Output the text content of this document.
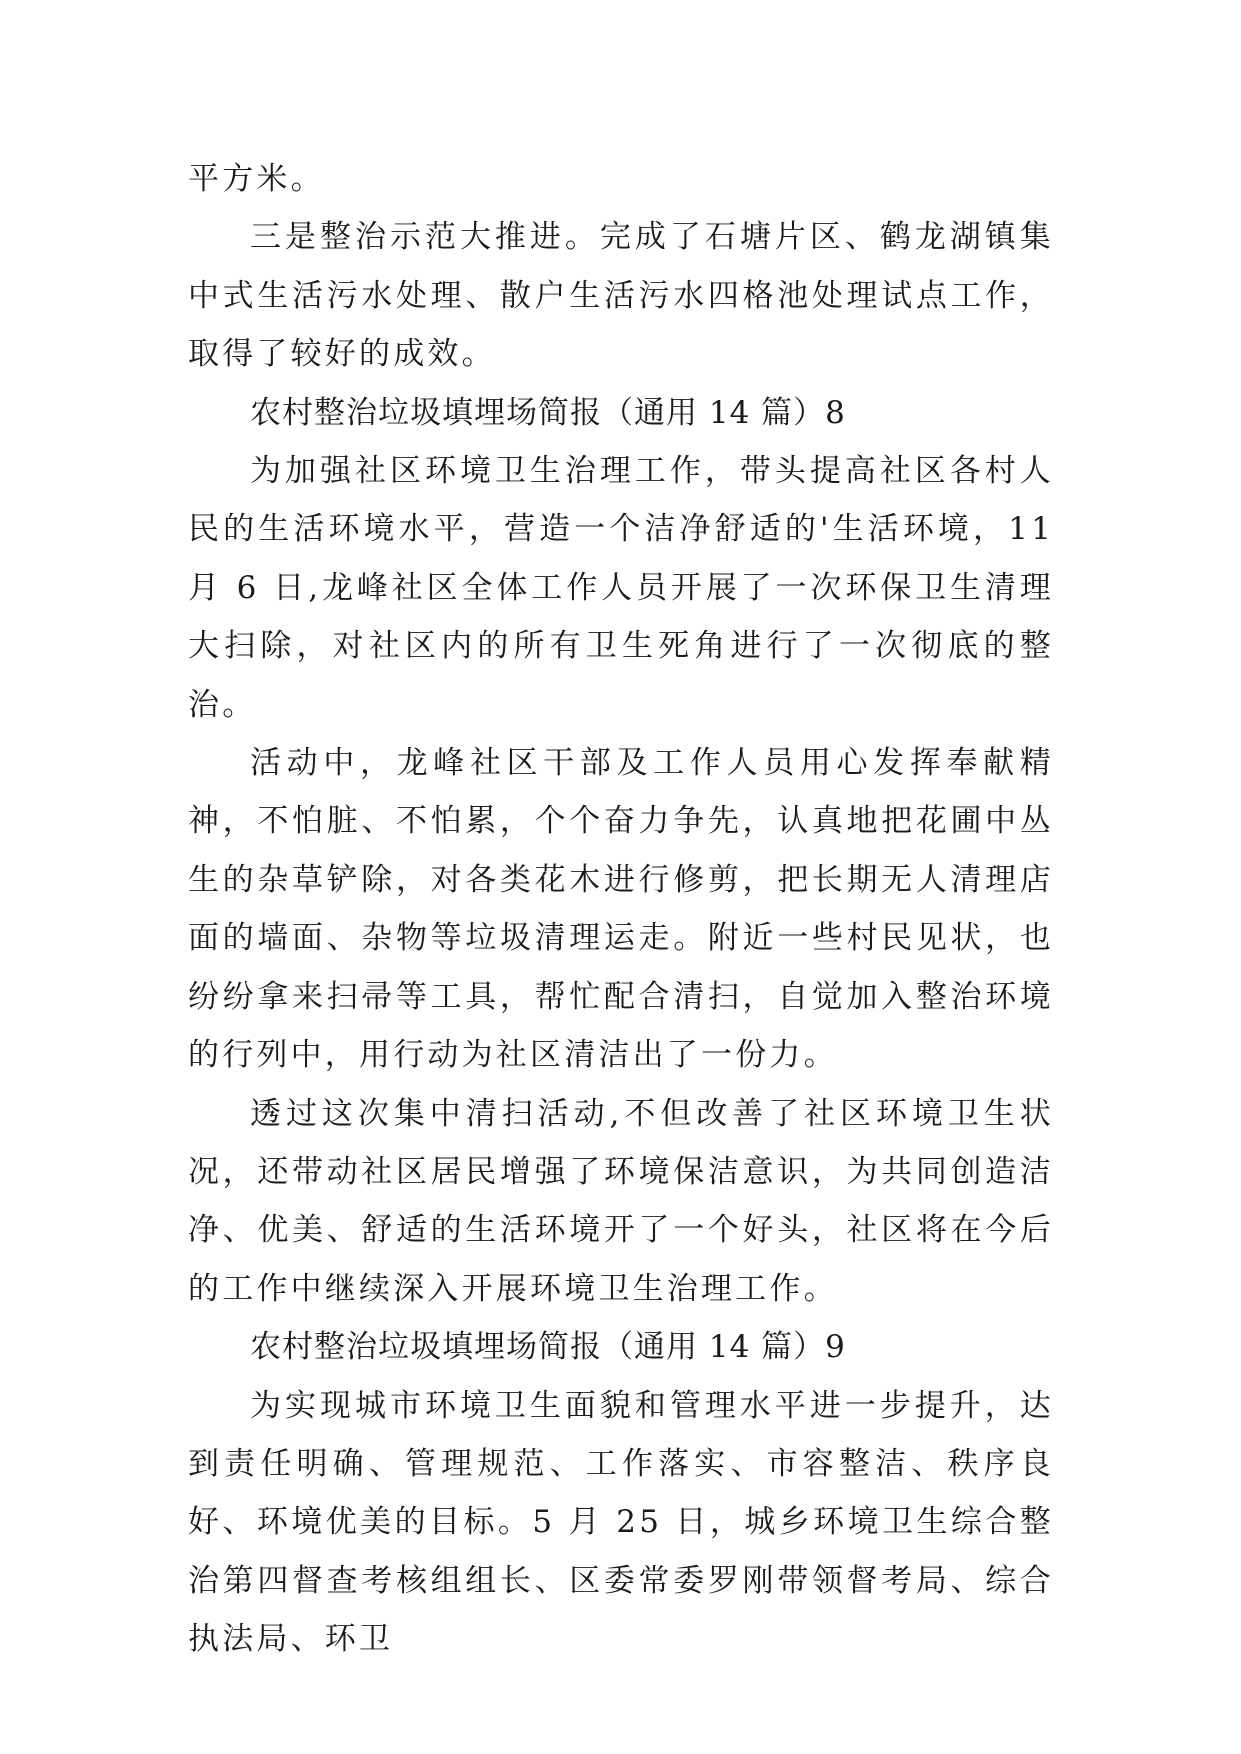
平方米。

三是整治示范大推进。完成了石塘片区、鹤龙湖镇集中式生活污水处理、散户生活污水四格池处理试点工作，取得了较好的成效。

农村整治垃圾填埋场简报（通用 14 篇）8

为加强社区环境卫生治理工作，带头提高社区各村人民的生活环境水平，营造一个洁净舒适的'生活环境，11 月 6 日,龙峰社区全体工作人员开展了一次环保卫生清理大扫除，对社区内的所有卫生死角进行了一次彻底的整治。

活动中，龙峰社区干部及工作人员用心发挥奉献精神，不怕脏、不怕累，个个奋力争先，认真地把花圃中丛生的杂草铲除，对各类花木进行修剪，把长期无人清理店面的墙面、杂物等垃圾清理运走。附近一些村民见状，也纷纷拿来扫帚等工具，帮忙配合清扫，自觉加入整治环境的行列中，用行动为社区清洁出了一份力。

透过这次集中清扫活动,不但改善了社区环境卫生状况，还带动社区居民增强了环境保洁意识，为共同创造洁净、优美、舒适的生活环境开了一个好头，社区将在今后的工作中继续深入开展环境卫生治理工作。

农村整治垃圾填埋场简报（通用 14 篇）9

为实现城市环境卫生面貌和管理水平进一步提升，达到责任明确、管理规范、工作落实、市容整洁、秩序良好、环境优美的目标。5 月 25 日，城乡环境卫生综合整治第四督查考核组组长、区委常委罗刚带领督考局、综合执法局、环卫
